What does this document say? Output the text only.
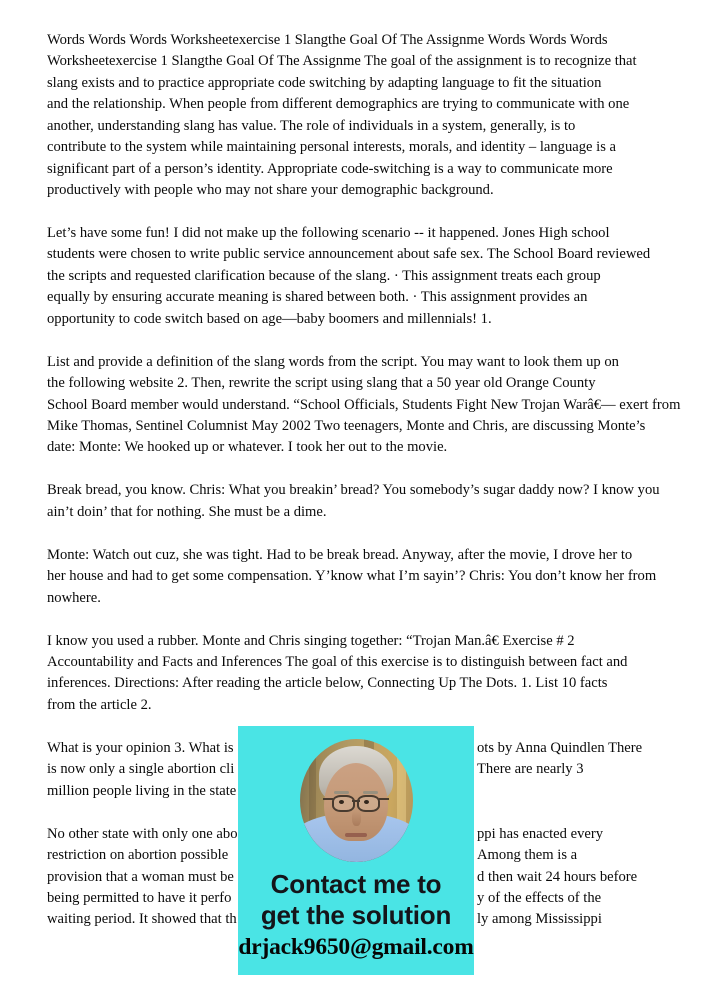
Words Words Words Worksheetexercise 1 Slangthe Goal Of The Assignme Words Words Words
Worksheetexercise 1 Slangthe Goal Of The Assignme The goal of the assignment is to recognize that
slang exists and to practice appropriate code switching by adapting language to fit the situation
and the relationship. When people from different demographics are trying to communicate with one
another, understanding slang has value. The role of individuals in a system, generally, is to
contribute to the system while maintaining personal interests, morals, and identity – language is a
significant part of a person’s identity. Appropriate code-switching is a way to communicate more
productively with people who may not share your demographic background.
Let’s have some fun! I did not make up the following scenario -- it happened. Jones High school
students were chosen to write public service announcement about safe sex. The School Board reviewed
the scripts and requested clarification because of the slang. · This assignment treats each group
equally by ensuring accurate meaning is shared between both. · This assignment provides an
opportunity to code switch based on age—baby boomers and millennials! 1.
List and provide a definition of the slang words from the script. You may want to look them up on
the following website 2. Then, rewrite the script using slang that a 50 year old Orange County
School Board member would understand. “School Officials, Students Fight New Trojan Warâ€— exert from
Mike Thomas, Sentinel Columnist May 2002 Two teenagers, Monte and Chris, are discussing Monte’s
date: Monte: We hooked up or whatever. I took her out to the movie.
Break bread, you know. Chris: What you breakin’ bread? You somebody’s sugar daddy now? I know you
ain’t doin’ that for nothing. She must be a dime.
Monte: Watch out cuz, she was tight. Had to be break bread. Anyway, after the movie, I drove her to
her house and had to get some compensation. Y’know what I’m sayin’? Chris: You don’t know her from
nowhere.
I know you used a rubber. Monte and Chris singing together: “Trojan Man.â€ Exercise # 2
Accountability and Facts and Inferences The goal of this exercise is to distinguish between fact and
inferences. Directions: After reading the article below, Connecting Up The Dots. 1. List 10 facts
from the article 2.
What is your opinion 3. What is	ots by Anna Quindlen There
is now only a single abortion cli	There are nearly 3
million people living in the state
No other state with only one abo	ppi has enacted every
restriction on abortion possible	Among them is a
provision that a woman must be	d then wait 24 hours before
being permitted to have it perfo	y of the effects of the
waiting period. It showed that th	ly among Mississippi
Contact me to
get the solution
drjack9650@gmail.com
